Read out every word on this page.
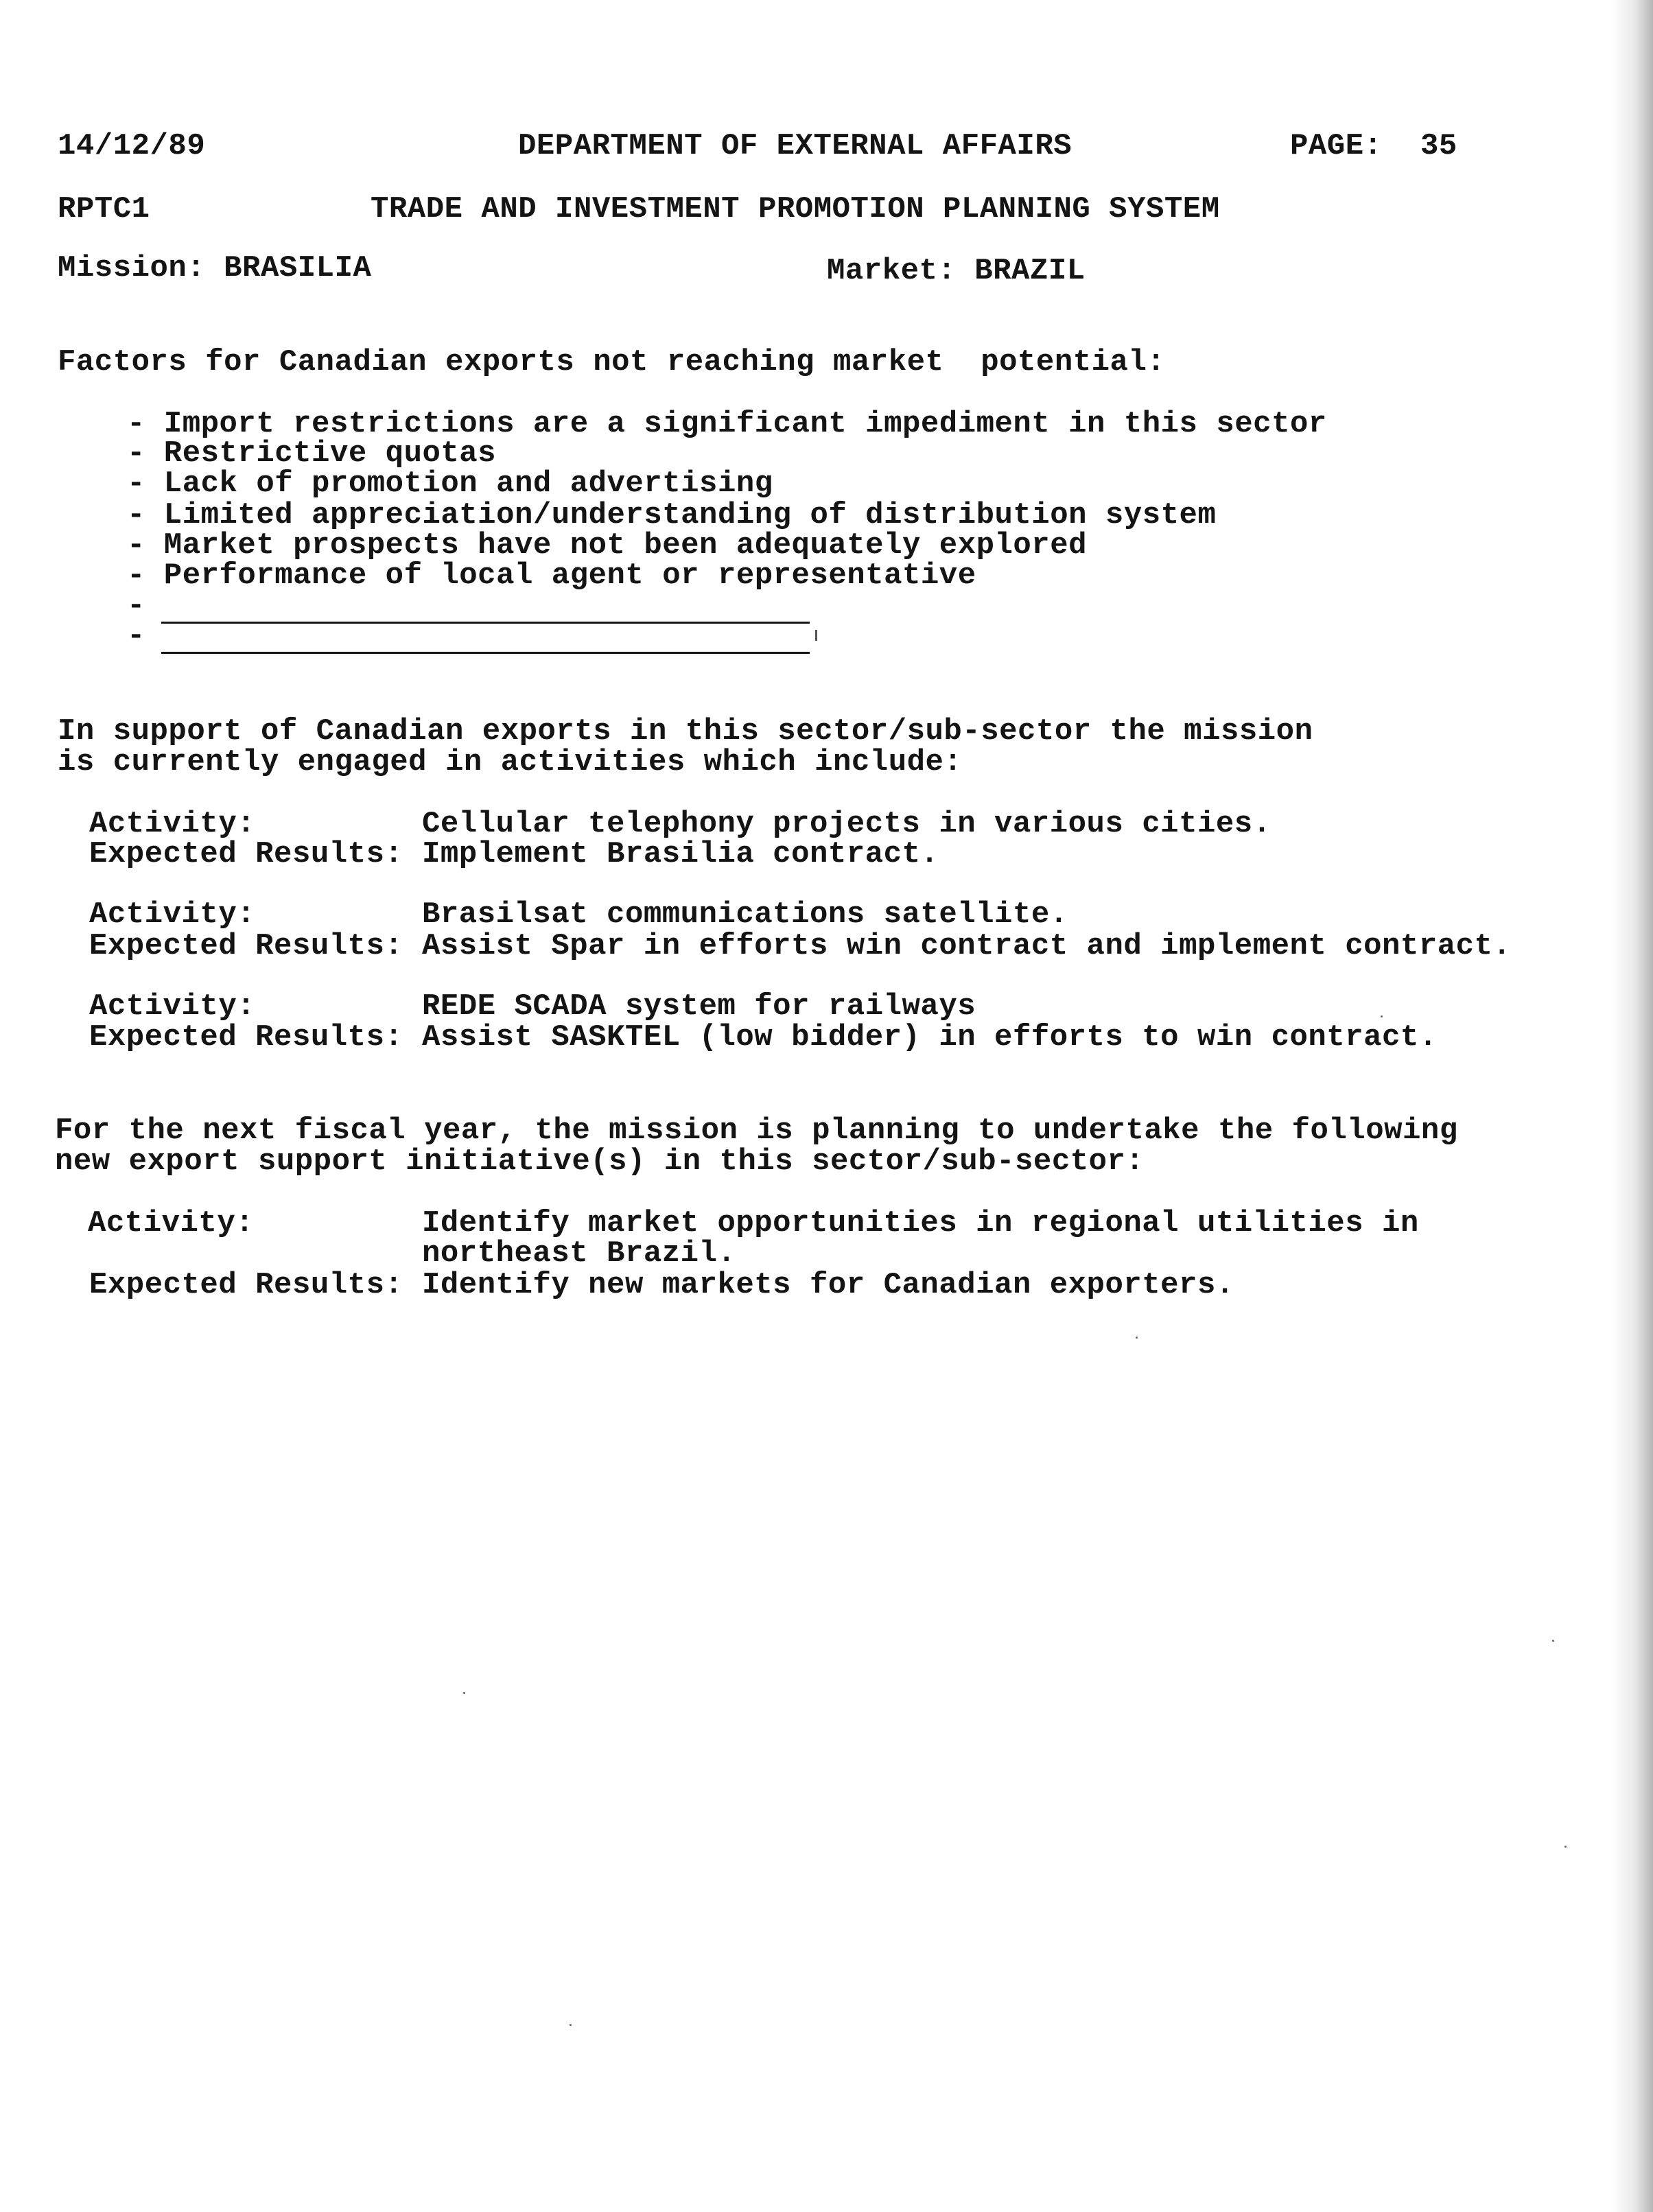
14/12/89	DEPARTMENT OF EXTERNAL AFFAIRS	PAGE: 35
RPTC1	TRADE AND INVESTMENT PROMOTION PLANNING SYSTEM
Mission: BRASILIA	Market: BRAZIL
Factors for Canadian exports not reaching market  potential:
- Import restrictions are a significant impediment in this sector
- Restrictive quotas
- Lack of promotion and advertising
- Limited appreciation/understanding of distribution system
- Market prospects have not been adequately explored
- Performance of local agent or representative
-
-
In support of Canadian exports in this sector/sub-sector the mission
is currently engaged in activities which include:
Activity:	Cellular telephony projects in various cities.
Expected Results: Implement Brasilia contract.
Activity:	Brasilsat communications satellite.
Expected Results: Assist Spar in efforts win contract and implement contract.
Activity:	REDE SCADA system for railways
Expected Results: Assist SASKTEL (low bidder) in efforts to win contract.
For the next fiscal year, the mission is planning to undertake the following
new export support initiative(s) in this sector/sub-sector:
Activity:	Identify market opportunities in regional utilities in
northeast Brazil.
Expected Results: Identify new markets for Canadian exporters.
